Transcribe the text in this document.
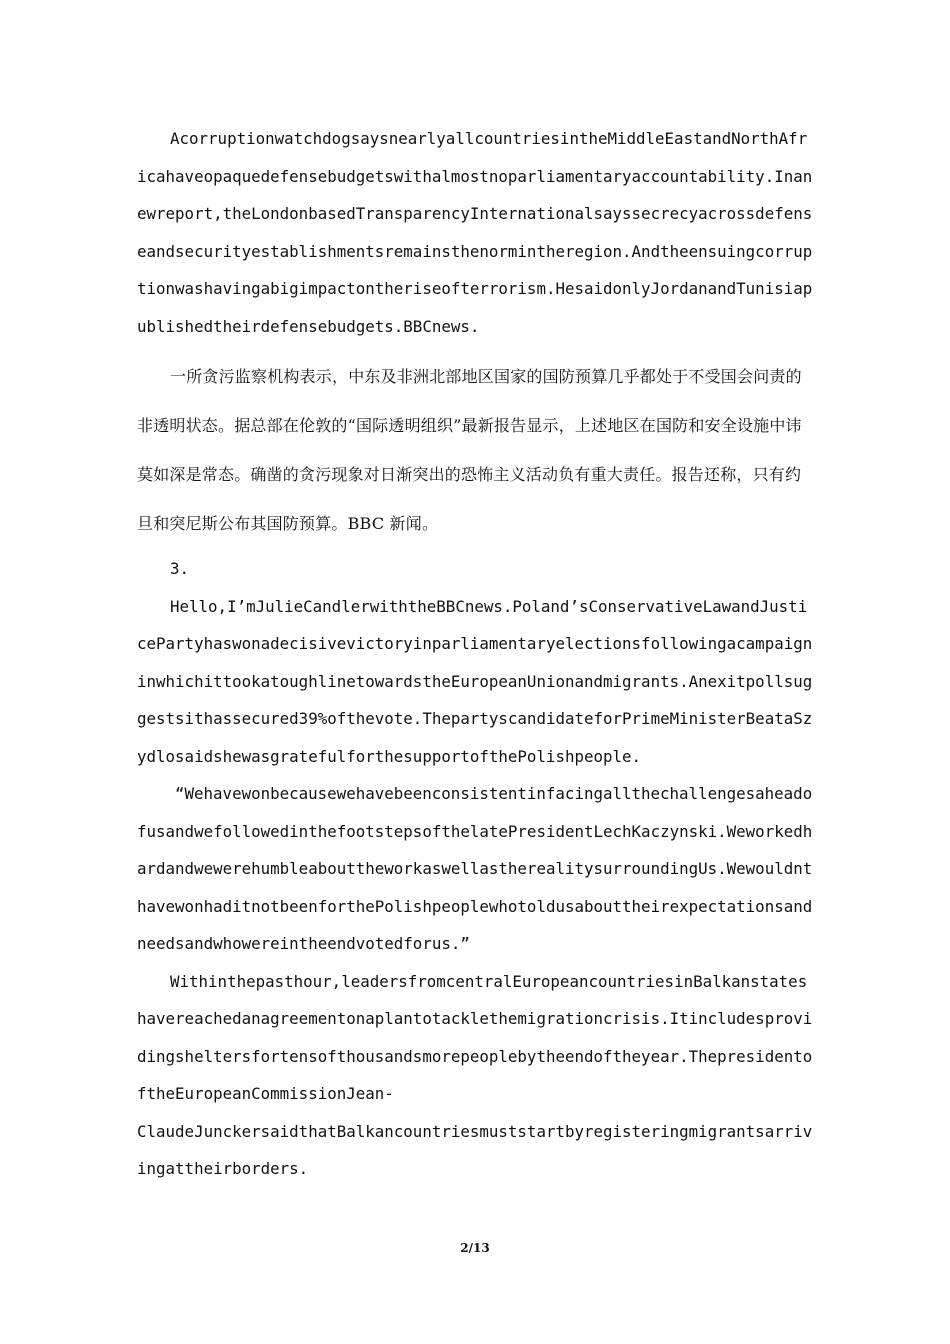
Acorruptionwatchdogsaysnearlyallcountriesinthe​MiddleEastandNorthAfricahaveopaquedefensebudgetswithalmostnoparliamentaryaccountability.Inanewreport,theLondonbasedTransparencyInternationalsayssecrecyacrossdefenseandsecurityestablishmentsremainsthenormintheregion.Andtheensuingcorruptionwashavingabigimpactontheriseofterrorism.HesaidonlyJordanandTunisiapublishedtheirdefensebudgets.BBCnews.

一所贪污监察机构表示，中东及非洲北部地区国家的国防预算几乎都处于不受国会问责的非透明状态。据总部在伦敦的“国际透明组织”最新报告显示，上述地区在国防和安全设施中讳莫如深是常态。确凿的贪污现象对日渐突出的恐怖主义活动负有重大责任。报告还称，只有约旦和突尼斯公布其国防预算。BBC 新闻。

3.

Hello,I’mJulieCandlerwiththeBBCnews.Poland’sConservativeLawandJusticePartyhaswonadecisivevictoryinparliamentaryelectionsfollowingacampaigninwhichittookatoughlinetowardstheEuropeanUnionandmigrants.Anexitpollsuggestsithassecured39%ofthevote.ThepartyscandidateforPrimeMinisterBeataSzydlosaidshewasgratefulforthesupportofthePolishpeople.

“WehavewonbecausewehavebeenconsistentinfacingallthechallengesaheadofusandwefollowedinthefootstepsofthelatePresidentLechKaczynski.WeworkedhardandwewerehumbleabouttheworkaswellastherealitysurroundingUs.WewouldnthavewonhaditnotbeenforthePolishpeoplewhotoldusabouttheirexpectationsandneedsandwhowereintheendvotedforus.”

Withinthepasthour,leadersfromcentralEuropeancountriesinBalkanstateshavereachedanagreementonaplantotacklethemigrationcrisis.Itincludesprovidingsheltersfortensofthousandsmorepeoplebytheendoftheyear.ThepresidentoftheEuropeanCommissionJean-

ClaudeJunckersaidthatBalkancountriesmuststartbyregisteringmigrantsarrivingattheirborders.

2/13
